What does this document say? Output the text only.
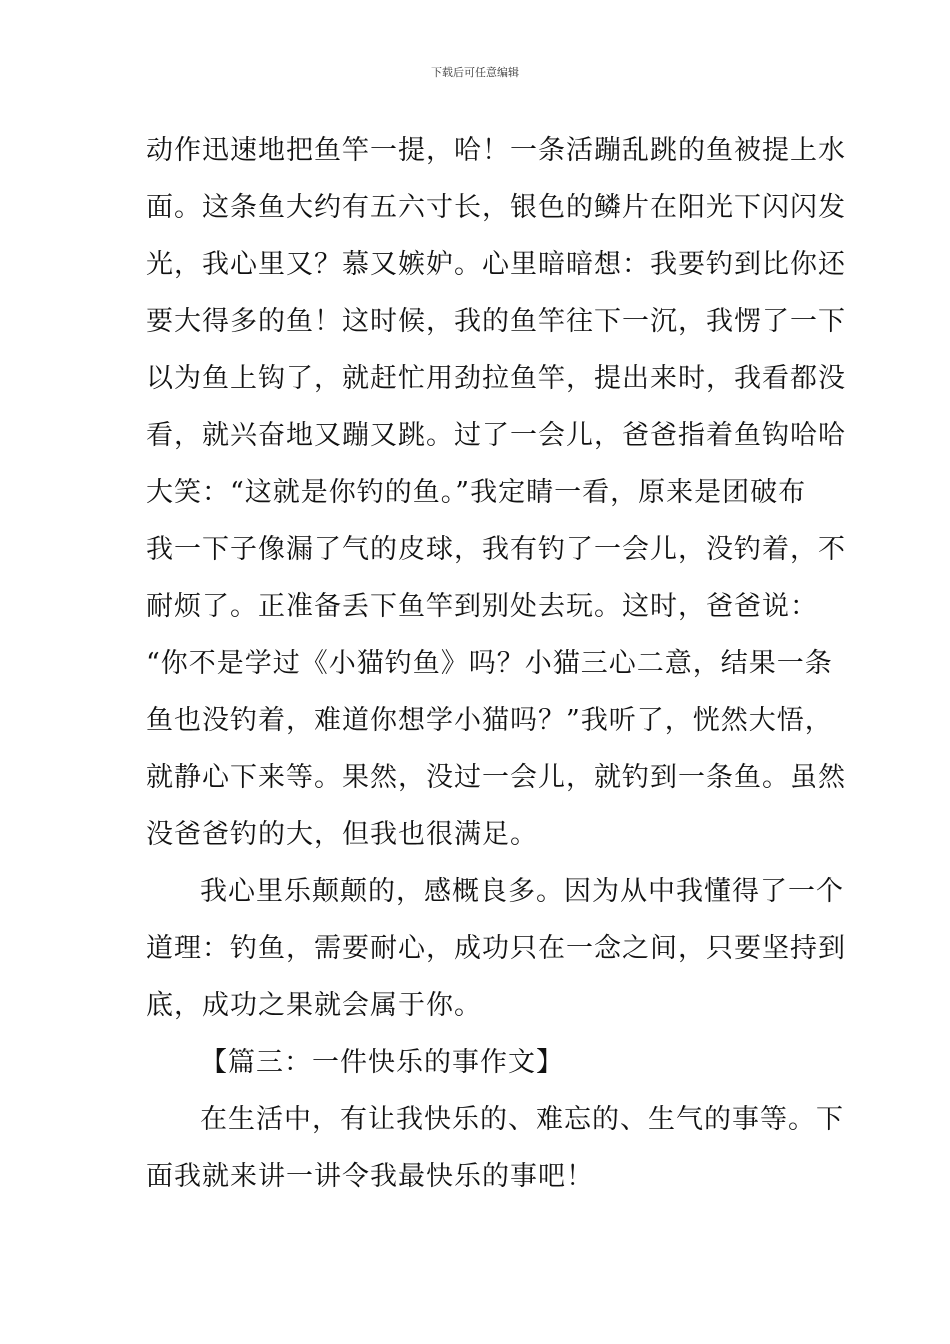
下载后可任意编辑
动作迅速地把鱼竿一提，哈！一条活蹦乱跳的鱼被提上水
面。这条鱼大约有五六寸长，银色的鳞片在阳光下闪闪发
光，我心里又？慕又嫉妒。心里暗暗想：我要钓到比你还
要大得多的鱼！这时候，我的鱼竿往下一沉，我愣了一下
以为鱼上钩了，就赶忙用劲拉鱼竿，提出来时，我看都没
看，就兴奋地又蹦又跳。过了一会儿，爸爸指着鱼钩哈哈
大笑：“这就是你钓的鱼。”我定睛一看，原来是团破布
我一下子像漏了气的皮球，我有钓了一会儿，没钓着，不
耐烦了。正准备丢下鱼竿到别处去玩。这时，爸爸说：
“你不是学过《小猫钓鱼》吗？小猫三心二意，结果一条
鱼也没钓着，难道你想学小猫吗？”我听了，恍然大悟，
就静心下来等。果然，没过一会儿，就钓到一条鱼。虽然
没爸爸钓的大，但我也很满足。
我心里乐颠颠的，感概良多。因为从中我懂得了一个
道理：钓鱼，需要耐心，成功只在一念之间，只要坚持到
底，成功之果就会属于你。
【篇三：一件快乐的事作文】
在生活中，有让我快乐的、难忘的、生气的事等。下
面我就来讲一讲令我最快乐的事吧！
